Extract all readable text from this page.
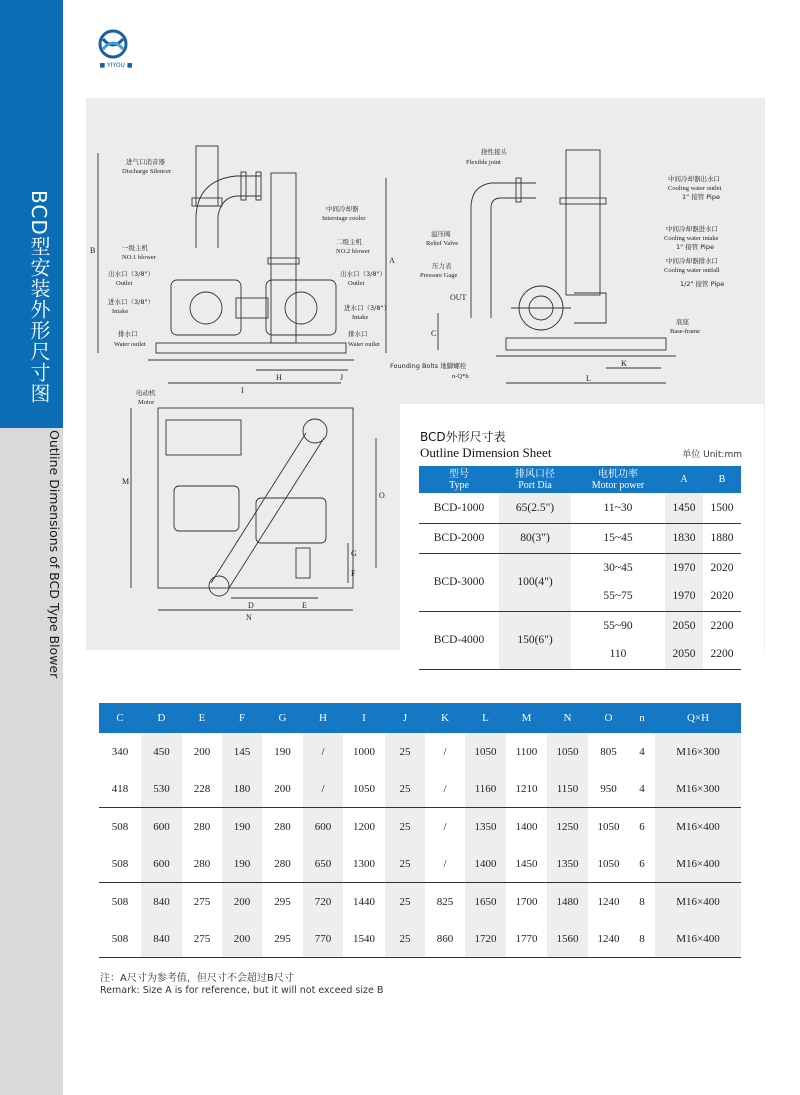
BCD型安装外形尺寸图
Outline Dimensions of BCD Type Blower
■ YIYOU ■
进气口消音器
Discharge Silencer
一级主机
NO.1 blower
出水口（3/8"）
Outlet
进水口（3/8"）
Intake
排水口
Water outlet
中间冷却器
Interstage cooler
二级主机
NO.2 blower
出水口（3/8"）
Outlet
进水口（3/8"）
Intake
排水口
Water outlet
B
A
H	J
I
挠性接头
Flexible joint
溢压阀
Relief Valve
压力表
Pressure Gage
OUT
中间冷却器出水口
Cooling water outlet
1" 接管 Pipe
中间冷却器进水口
Cooling water intake
1" 接管 Pipe
中间冷却器排水口
Cooling water outfall
1/2" 接管 Pipe
底座
Base-frame
Founding Bolts 地脚螺栓
n-Q*h
C
K
L
电动机
Motor
M
O
D	E
F
G
N
BCD外形尺寸表
Outline Dimension Sheet	单位 Unit:mm
型号
Type	排风口径
Port Dia	电机功率
Motor power	A	B
BCD-1000	65(2.5")	11~30	1450	1500
BCD-2000	80(3")	15~45	1830	1880
BCD-3000	100(4")	30~45	1970	2020
		55~75	1970	2020
BCD-4000	150(6")	55~90	2050	2200
		110	2050	2200
C	D	E	F	G	H	I	J	K	L	M	N	O	n	Q×H
340	450	200	145	190	/	1000	25	/	1050	1100	1050	805	4	M16×300
418	530	228	180	200	/	1050	25	/	1160	1210	1150	950	4	M16×300
508	600	280	190	280	600	1200	25	/	1350	1400	1250	1050	6	M16×400
508	600	280	190	280	650	1300	25	/	1400	1450	1350	1050	6	M16×400
508	840	275	200	295	720	1440	25	825	1650	1700	1480	1240	8	M16×400
508	840	275	200	295	770	1540	25	860	1720	1770	1560	1240	8	M16×400
注：A尺寸为参考值，但尺寸不会超过B尺寸
Remark: Size A is for reference, but it will not exceed size B
